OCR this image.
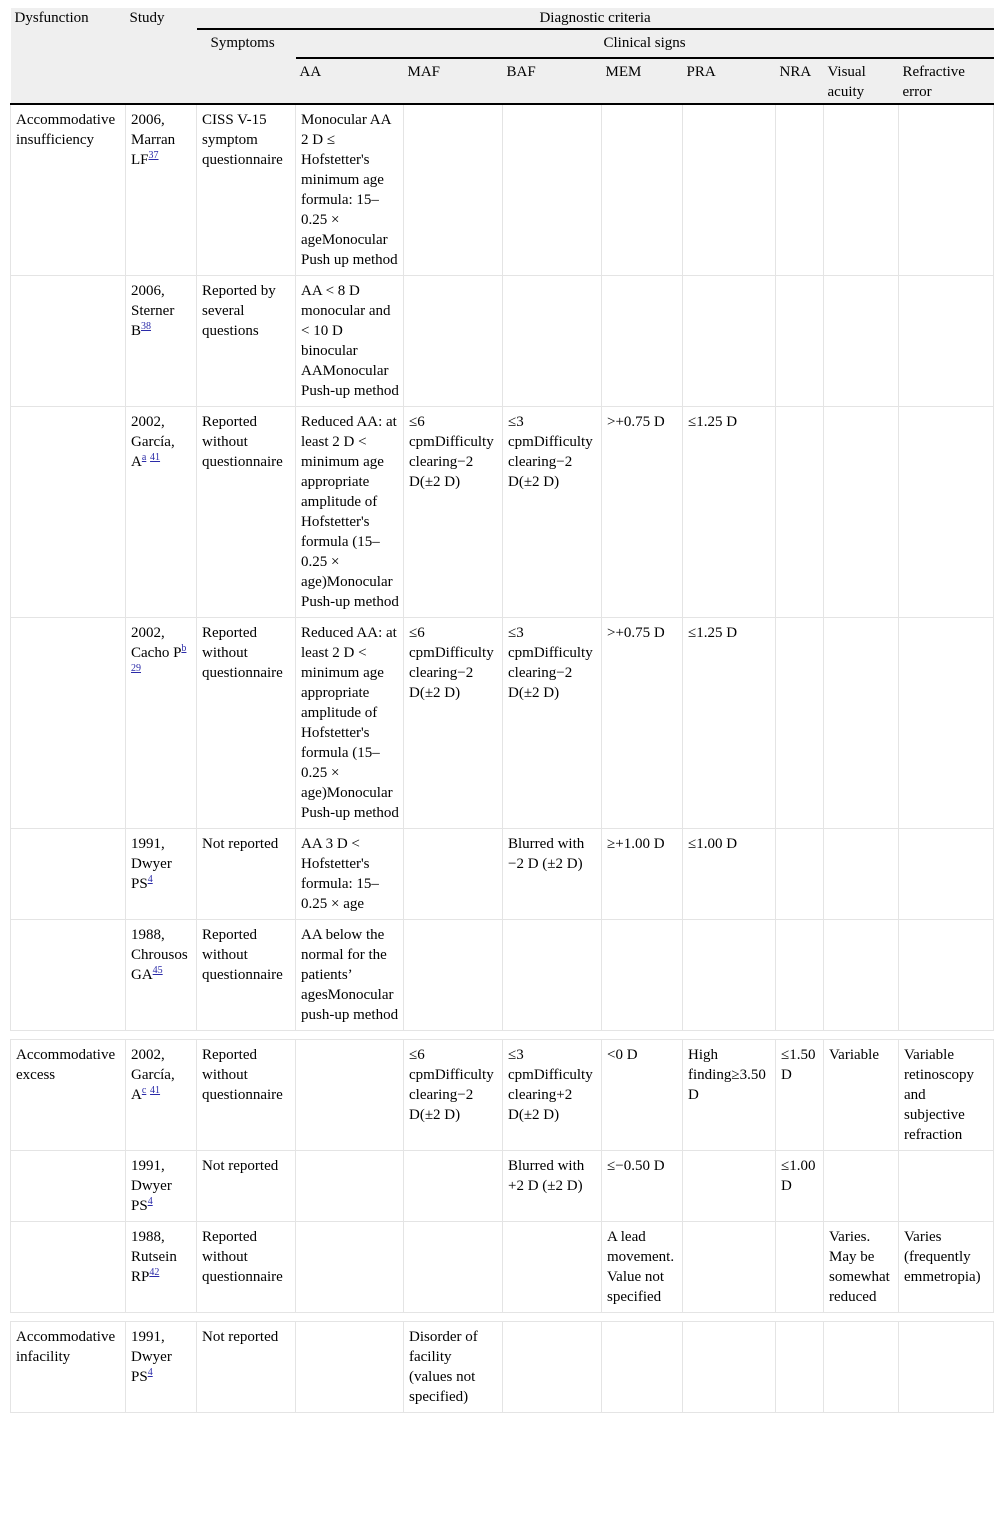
Dysfunction	Study	Diagnostic criteria								
		Symptoms	Clinical signs							
			AA	MAF	BAF	MEM	PRA	NRA	Visual acuity	Refractive error
Accommodative insufficiency	2006, Marran LF$^{37}$	CISS V-15 symptom questionnaire	Monocular AA 2 D ≤ Hofstetter's minimum age formula: 15–0.25 × ageMonocular Push up method							
	2006, Sterner B$^{38}$	Reported by several questions	AA < 8 D monocular and < 10 D binocular AAMonocular Push-up method							
	2002, García, A$^a$ $^{41}$	Reported without questionnaire	Reduced AA: at least 2 D < minimum age appropriate amplitude of Hofstetter's formula (15–0.25 × age)Monocular Push-up method	≤6 cpmDifficulty clearing−2 D(±2 D)	≤3 cpmDifficulty clearing−2 D(±2 D)	>+0.75 D	≤1.25 D			
	2002, Cacho P$^b$ $^{29}$	Reported without questionnaire	Reduced AA: at least 2 D < minimum age appropriate amplitude of Hofstetter's formula (15–0.25 × age)Monocular Push-up method	≤6 cpmDifficulty clearing−2 D(±2 D)	≤3 cpmDifficulty clearing−2 D(±2 D)	>+0.75 D	≤1.25 D			
	1991, Dwyer PS$^4$	Not reported	AA 3 D < Hofstetter's formula: 15–0.25 × age		Blurred with −2 D (±2 D)	≥+1.00 D	≤1.00 D			
	1988, Chrousos GA$^{45}$	Reported without questionnaire	AA below the normal for the patients’ agesMonocular push-up method							

Accommodative excess	2002, García, A$^c$ $^{41}$	Reported without questionnaire		≤6 cpmDifficulty clearing−2 D(±2 D)	≤3 cpmDifficulty clearing+2 D(±2 D)	<0 D	High finding≥3.50 D	≤1.50 D	Variable	Variable retinoscopy and subjective refraction
	1991, Dwyer PS$^4$	Not reported			Blurred with +2 D (±2 D)	≤−0.50 D		≤1.00 D		
	1988, Rutsein RP$^{42}$	Reported without questionnaire				A lead movement. Value not specified			Varies. May be somewhat reduced	Varies (frequently emmetropia)

Accommodative infacility	1991, Dwyer PS$^4$	Not reported		Disorder of facility (values not specified)						
